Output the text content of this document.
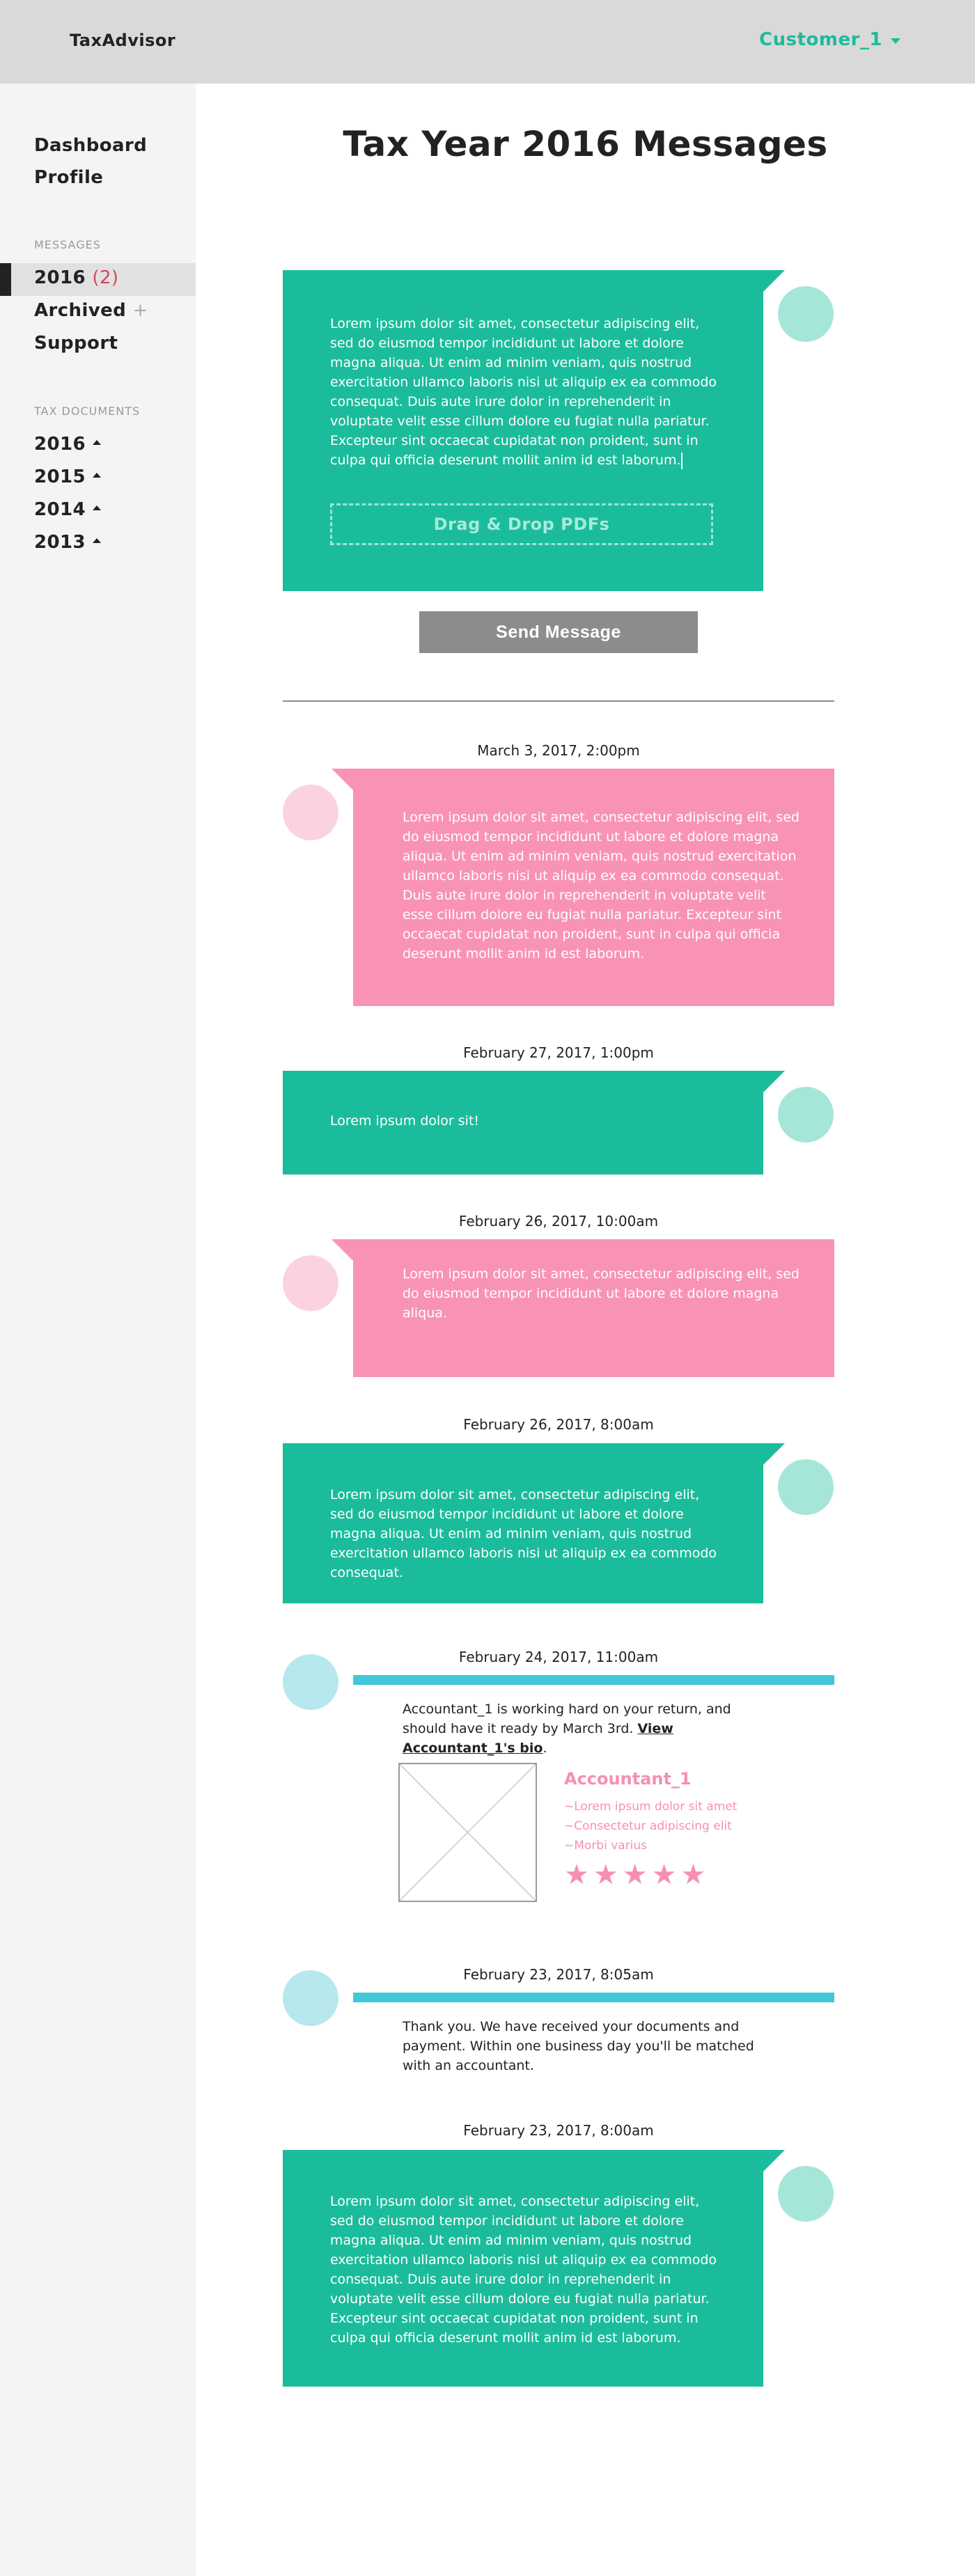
TaxAdvisor	Customer_1
Dashboard
Profile
MESSAGES
2016 (2)
Archived +
Support
TAX DOCUMENTS
2016
2015
2014
2013
Tax Year 2016 Messages
Lorem ipsum dolor sit amet, consectetur adipiscing elit, sed do eiusmod tempor incididunt ut labore et dolore magna aliqua. Ut enim ad minim veniam, quis nostrud exercitation ullamco laboris nisi ut aliquip ex ea commodo consequat. Duis aute irure dolor in reprehenderit in voluptate velit esse cillum dolore eu fugiat nulla pariatur. Excepteur sint occaecat cupidatat non proident, sunt in culpa qui officia deserunt mollit anim id est laborum.
Drag & Drop PDFs
Send Message
March 3, 2017, 2:00pm
Lorem ipsum dolor sit amet, consectetur adipiscing elit, sed do eiusmod tempor incididunt ut labore et dolore magna aliqua. Ut enim ad minim veniam, quis nostrud exercitation ullamco laboris nisi ut aliquip ex ea commodo consequat. Duis aute irure dolor in reprehenderit in voluptate velit esse cillum dolore eu fugiat nulla pariatur. Excepteur sint occaecat cupidatat non proident, sunt in culpa qui officia deserunt mollit anim id est laborum.
February 27, 2017, 1:00pm
Lorem ipsum dolor sit!
February 26, 2017, 10:00am
Lorem ipsum dolor sit amet, consectetur adipiscing elit, sed do eiusmod tempor incididunt ut labore et dolore magna aliqua.
February 26, 2017, 8:00am
Lorem ipsum dolor sit amet, consectetur adipiscing elit, sed do eiusmod tempor incididunt ut labore et dolore magna aliqua. Ut enim ad minim veniam, quis nostrud exercitation ullamco laboris nisi ut aliquip ex ea commodo consequat.
February 24, 2017, 11:00am
Accountant_1 is working hard on your return, and should have it ready by March 3rd. View Accountant_1's bio.
Accountant_1
~Lorem ipsum dolor sit amet
~Consectetur adipiscing elit
~Morbi varius
★ ★ ★ ★ ★
February 23, 2017, 8:05am
Thank you. We have received your documents and payment. Within one business day you'll be matched with an accountant.
February 23, 2017, 8:00am
Lorem ipsum dolor sit amet, consectetur adipiscing elit, sed do eiusmod tempor incididunt ut labore et dolore magna aliqua. Ut enim ad minim veniam, quis nostrud exercitation ullamco laboris nisi ut aliquip ex ea commodo consequat. Duis aute irure dolor in reprehenderit in voluptate velit esse cillum dolore eu fugiat nulla pariatur. Excepteur sint occaecat cupidatat non proident, sunt in culpa qui officia deserunt mollit anim id est laborum.
